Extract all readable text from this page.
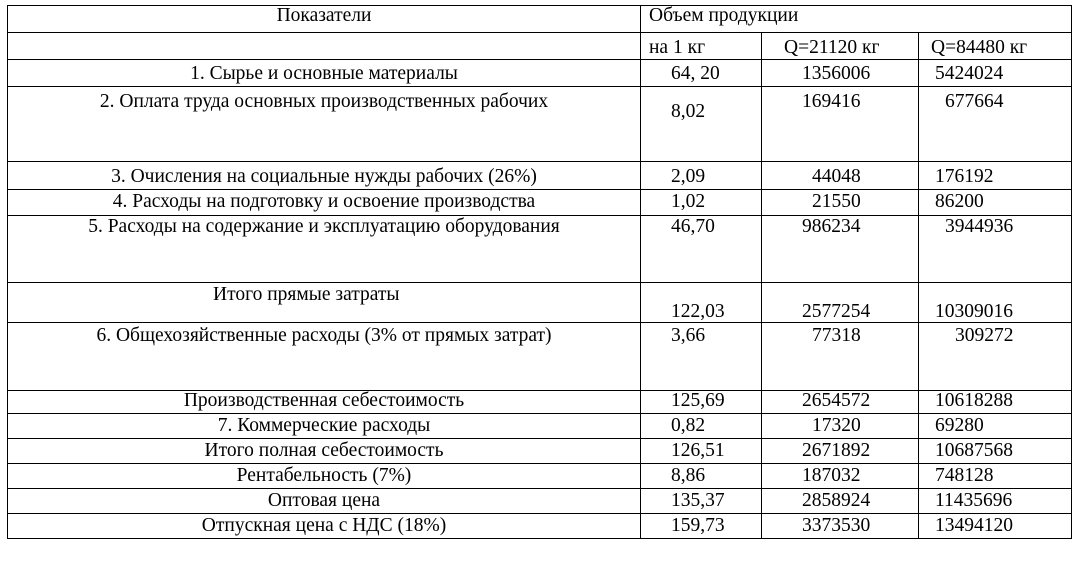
Показатели	Объем продукции		
	на 1 кг	Q=21120 кг	Q=84480 кг
1. Сырье и основные материалы	64, 20	1356006	5424024
2. Оплата труда основных производственных рабочих	8,02	169416	677664
3. Очисления на социальные нужды рабочих (26%)	2,09	44048	176192
4. Расходы на подготовку и освоение производства	1,02	21550	86200
5. Расходы на содержание и эксплуатацию оборудования	46,70	986234	3944936
Итого прямые затраты	122,03	2577254	10309016
6. Общехозяйственные расходы (3% от прямых затрат)	3,66	77318	309272
Производственная себестоимость	125,69	2654572	10618288
7. Коммерческие расходы	0,82	17320	69280
Итого полная себестоимость	126,51	2671892	10687568
Рентабельность (7%)	8,86	187032	748128
Оптовая цена	135,37	2858924	11435696
Отпускная цена с НДС (18%)	159,73	3373530	13494120
